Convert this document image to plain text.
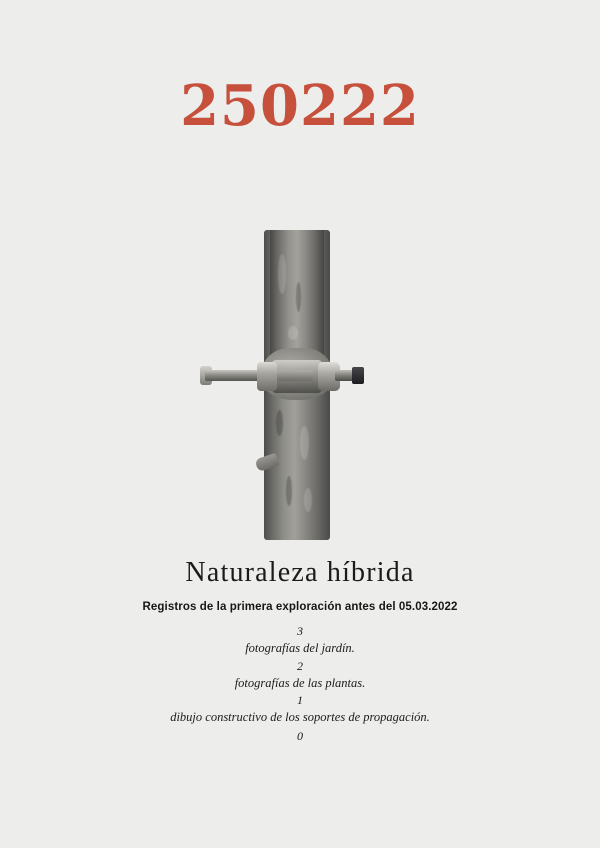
250222
Naturaleza híbrida
Registros de la primera exploración antes del 05.03.2022
3
fotografías del jardín.
2
fotografías de las plantas.
1
dibujo constructivo de los soportes de propagación.
0
